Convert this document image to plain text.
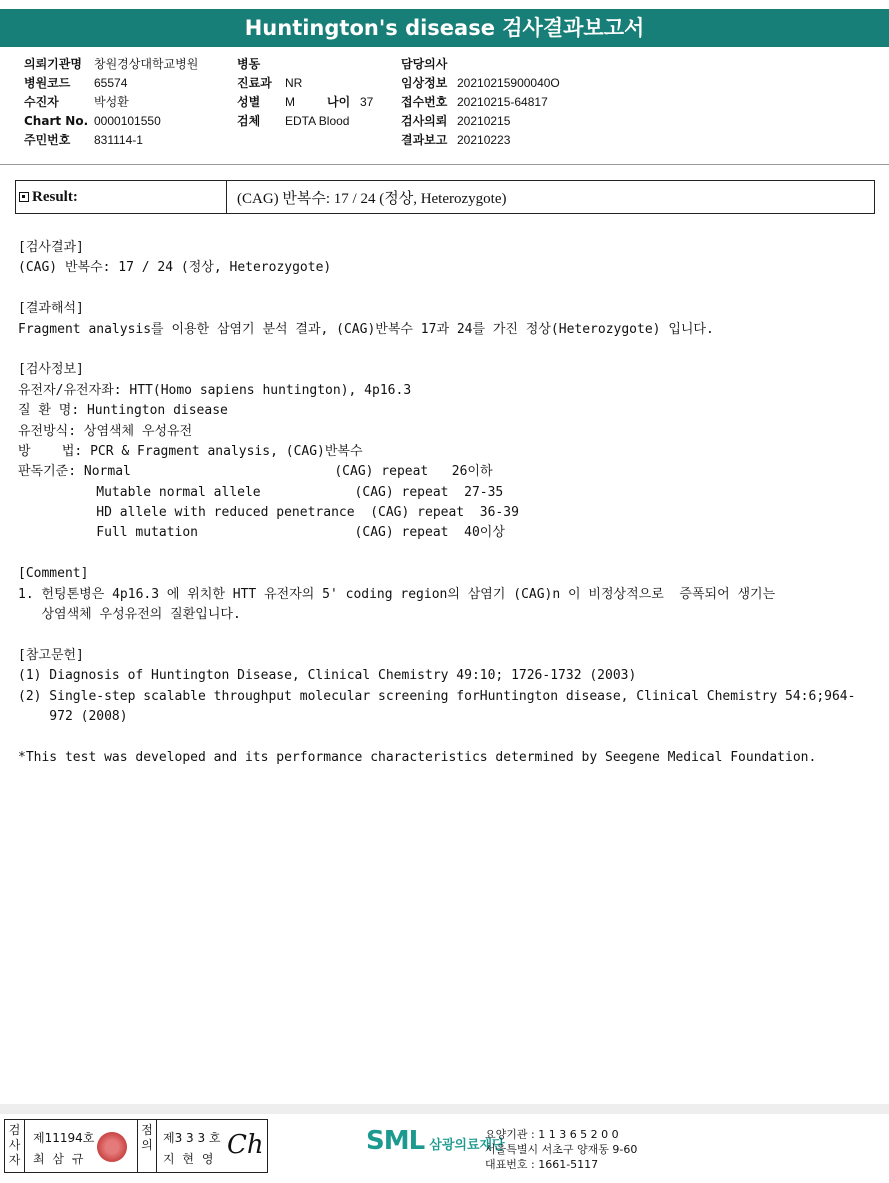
Huntington's disease 검사결과보고서
의뢰기관명 창원경상대학교병원
병원코드 65574
수진자	박성환
Chart No. 0000101550
주민번호 831114-1
병동
진료과 NR
성별 M	나이 37
검체 EDTA Blood
담당의사
임상정보 20210215900040O
접수번호 20210215-64817
검사의뢰 20210215
결과보고 20210223
Result:	(CAG) 반복수: 17 / 24 (정상, Heterozygote)
[검사결과]
(CAG) 반복수: 17 / 24 (정상, Heterozygote)
[결과해석]
Fragment analysis를 이용한 삼염기 분석 결과, (CAG)반복수 17과 24를 가진 정상(Heterozygote) 입니다.
[검사정보]
유전자/유전자좌: HTT(Homo sapiens huntington), 4p16.3
질 환 명: Huntington disease
유전방식: 상염색체 우성유전
방    법: PCR & Fragment analysis, (CAG)반복수
판독기준: Normal                          (CAG) repeat   26이하
Mutable normal allele            (CAG) repeat  27-35
HD allele with reduced penetrance  (CAG) repeat  36-39
Full mutation                    (CAG) repeat  40이상
[Comment]
1. 헌팅톤병은 4p16.3 에 위치한 HTT 유전자의 5' coding region의 삼염기 (CAG)n 이 비정상적으로  증폭되어 생기는
상염색체 우성유전의 질환입니다.
[참고문헌]
(1) Diagnosis of Huntington Disease, Clinical Chemistry 49:10; 1726-1732 (2003)
(2) Single-step scalable throughput molecular screening forHuntington disease, Clinical Chemistry 54:6;964-
972 (2008)
*This test was developed and its performance characteristics determined by Seegene Medical Foundation.
검
사
자
제11194호
최 삼 규
점
의 제3 3 3 호
지 현 영 Ch	SML 삼광의료재단
요양기관 : 1 1 3 6 5 2 0 0
서울특별시 서초구 양재동 9-60
대표번호 : 1661-5117
